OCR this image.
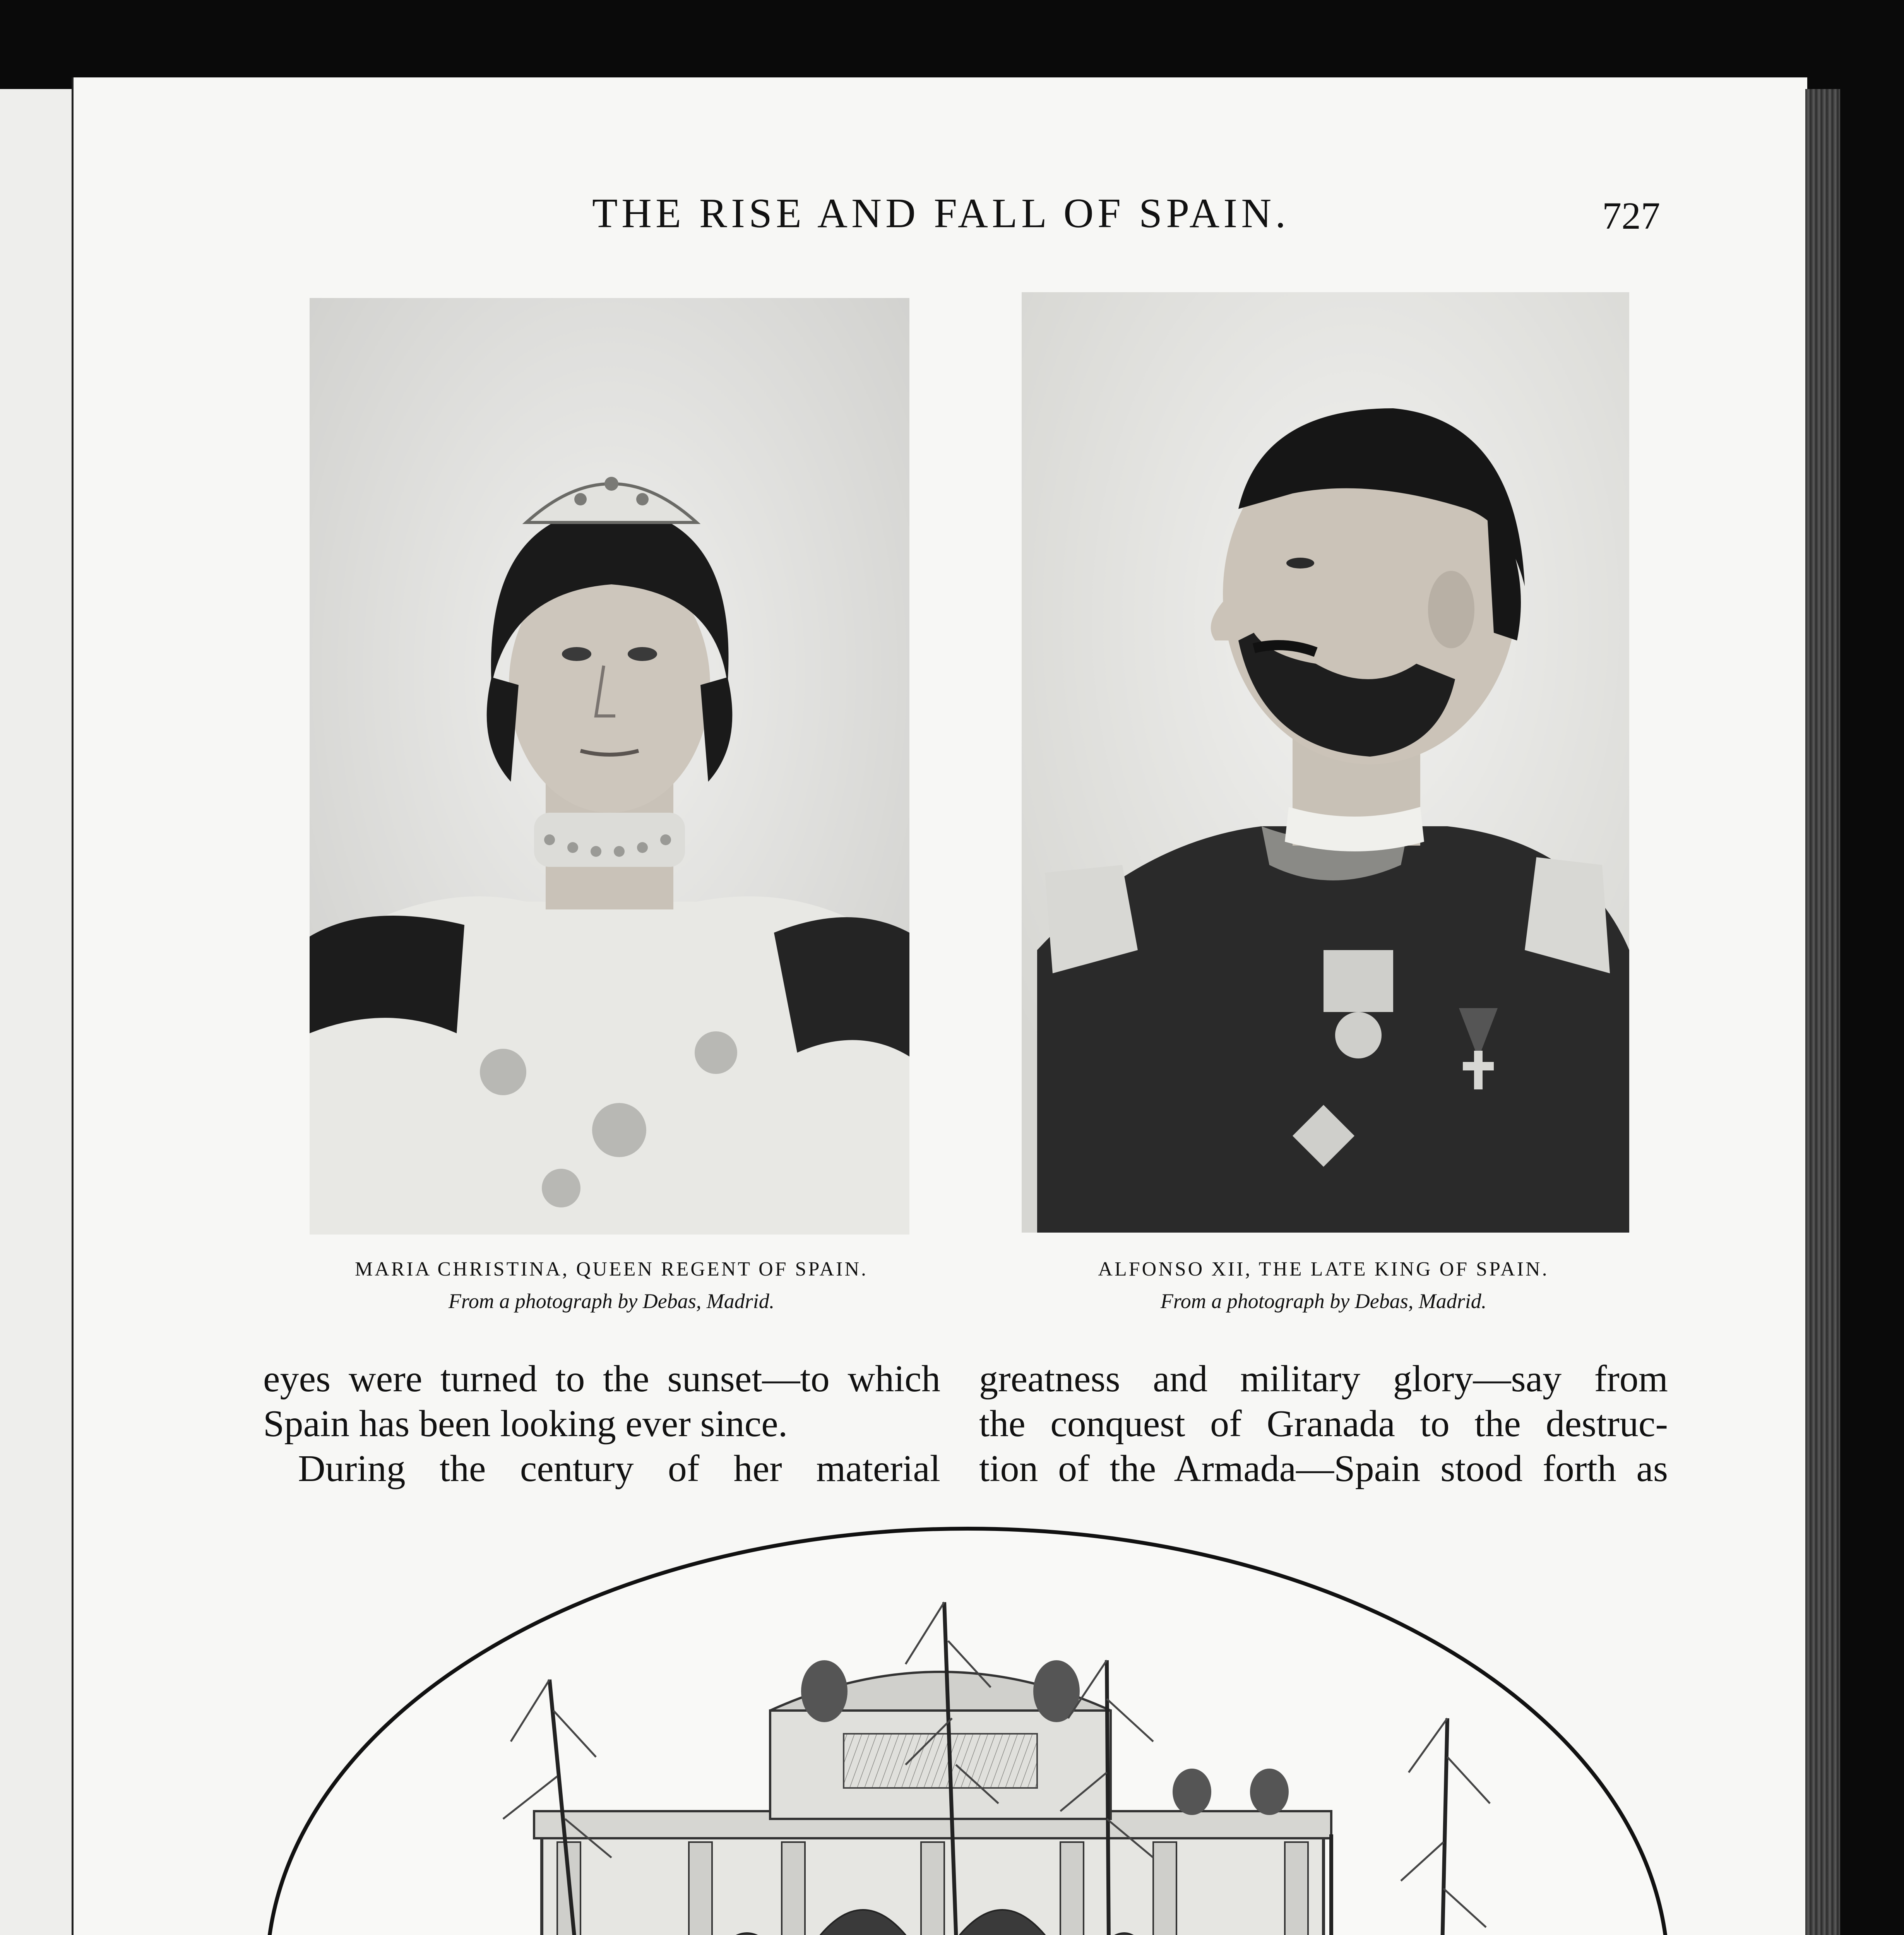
THE RISE AND FALL OF SPAIN.	727
MARIA CHRISTINA, QUEEN REGENT OF SPAIN.
From a photograph by Debas, Madrid.
ALFONSO XII, THE LATE KING OF SPAIN.
From a photograph by Debas, Madrid.

eyes were turned to the sunset—to which

Spain has been looking ever since.

During the century of her material

greatness and military glory—say from

the conquest of Granada to the destruc-

tion of the Armada—Spain stood forth as
